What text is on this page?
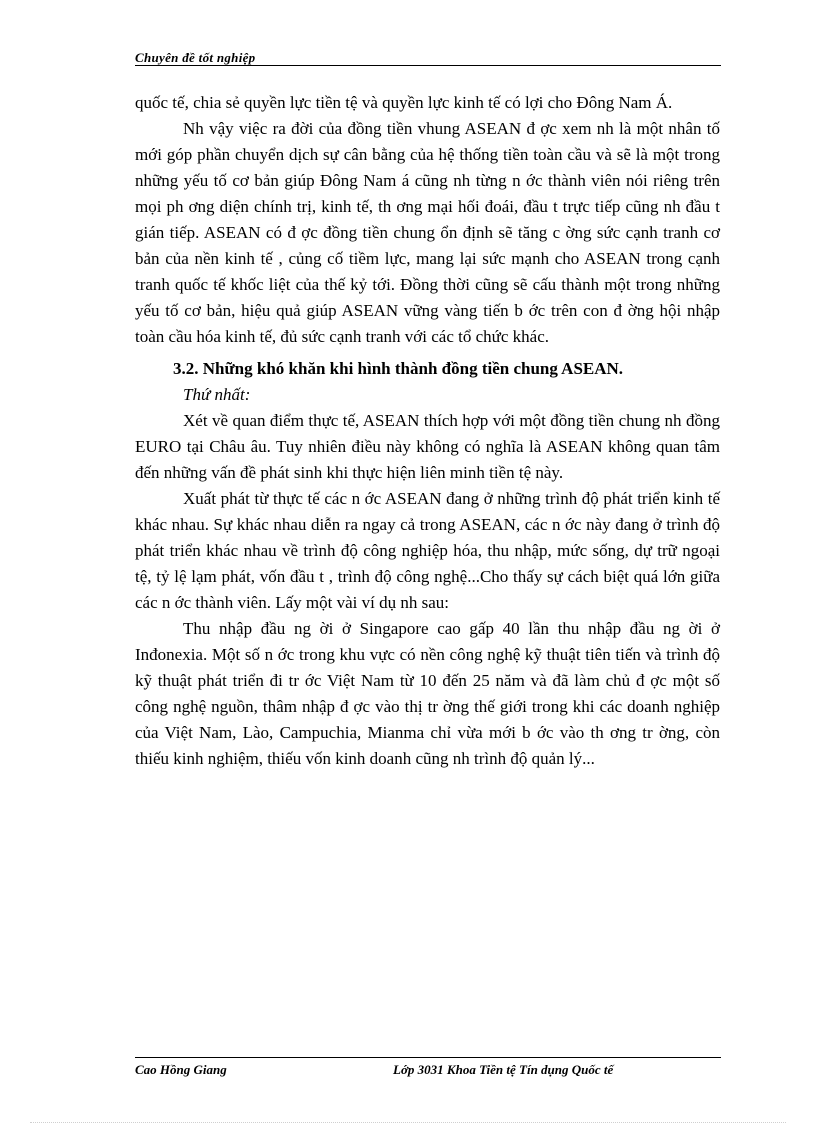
Chuyên đề tốt nghiệp

quốc tế, chia sẻ quyền lực tiền tệ và quyền lực kinh tế có lợi cho Đông Nam Á.

Nh vậy việc ra đời của đồng tiền vhung ASEAN đ ợc xem nh là một nhân tố mới góp phần chuyển dịch sự cân bằng của hệ thống tiền toàn cầu và sẽ là một trong những yếu tố cơ bản giúp Đông Nam á cũng nh từng n ớc thành viên nói riêng trên mọi ph ơng diện chính trị, kinh tế, th ơng mại hối đoái, đầu t trực tiếp cũng nh đầu t gián tiếp. ASEAN có đ ợc đồng tiền chung ổn định sẽ tăng c ờng sức cạnh tranh cơ bản của nền kinh tế , củng cố tiềm lực, mang lại sức mạnh cho ASEAN trong cạnh tranh quốc tế khốc liệt của thế kỷ tới. Đồng thời cũng sẽ cấu thành một trong những yếu tố cơ bản, hiệu quả giúp ASEAN vững vàng tiến b ớc trên con đ ờng hội nhập toàn cầu hóa kinh tế, đủ sức cạnh tranh với các tổ chức khác.

3.2. Những khó khăn khi hình thành đồng tiền chung ASEAN.

Thứ nhất:

Xét về quan điểm thực tế, ASEAN thích hợp với một đồng tiền chung nh đồng EURO tại Châu âu. Tuy nhiên điều này không có nghĩa là ASEAN không quan tâm đến những vấn đề phát sinh khi thực hiện liên minh tiền tệ này.

Xuất phát từ thực tế các n ớc ASEAN đang ở những trình độ phát triển kinh tế khác nhau. Sự khác nhau diễn ra ngay cả trong ASEAN, các n ớc này đang ở trình độ phát triển khác nhau về trình độ công nghiệp hóa, thu nhập, mức sống, dự trữ ngoại tệ, tỷ lệ lạm phát, vốn đầu t , trình độ công nghệ...Cho thấy sự cách biệt quá lớn giữa các n ớc thành viên. Lấy một vài ví dụ nh sau:

Thu nhập đầu ng ời ở Singapore cao gấp 40 lần thu nhập đầu ng ời ở Inđonexia. Một số n ớc trong khu vực có nền công nghệ kỹ thuật tiên tiến và trình độ kỹ thuật phát triển đi tr ớc Việt Nam từ 10 đến 25 năm và đã làm chủ đ ợc một số công nghệ nguồn, thâm nhập đ ợc vào thị tr ờng thế giới trong khi các doanh nghiệp của Việt Nam, Lào, Campuchia, Mianma chỉ vừa mới b ớc vào th ơng tr ờng, còn thiếu kinh nghiệm, thiếu vốn kinh doanh cũng nh trình độ quản lý...

Cao Hồng Giang	Lớp 3031 Khoa Tiền tệ Tín dụng Quốc tế
